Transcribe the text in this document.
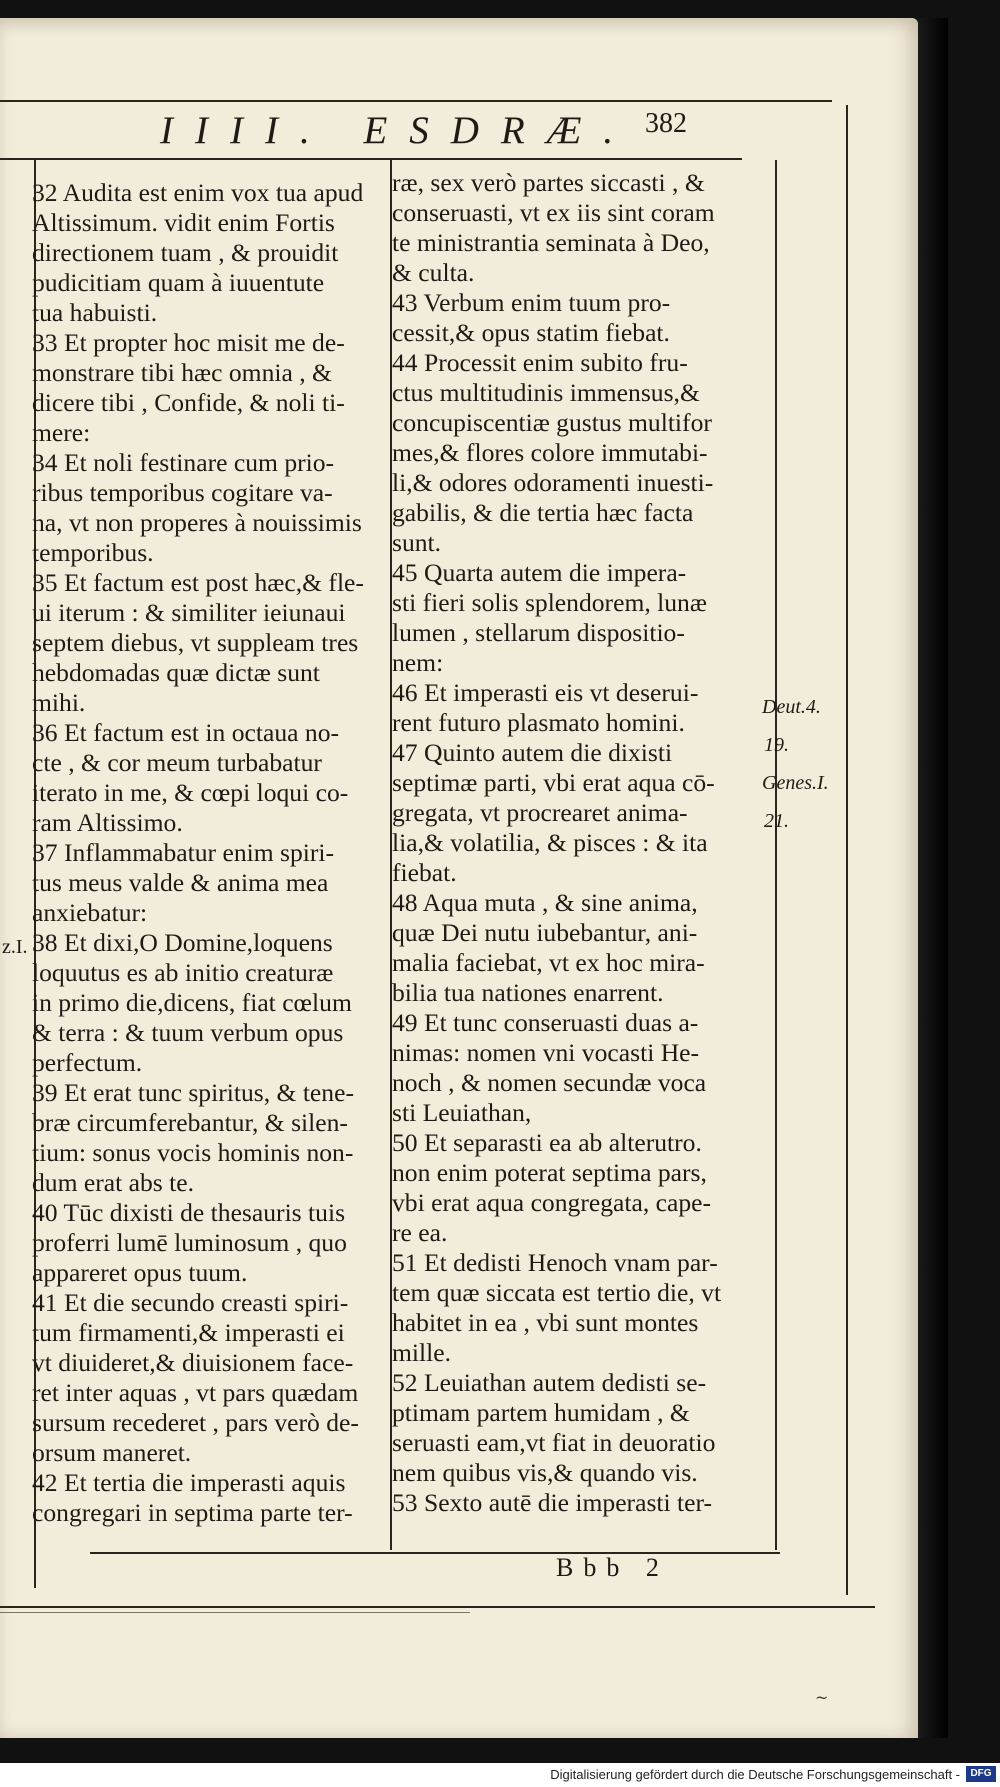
IIII. ESDRÆ. 382
z.I.
Deut.4.
19.
Genes.I.
21.
32 Audita est enim vox tua apud
Altissimum. vidit enim Fortis
directionem tuam , & prouidit
pudicitiam quam à iuuentute
tua habuisti.
33 Et propter hoc misit me de-
monstrare tibi hæc omnia , &
dicere tibi , Confide, & noli ti-
mere:
34 Et noli festinare cum prio-
ribus temporibus cogitare va-
na, vt non properes à nouissimis
temporibus.
35 Et factum est post hæc,& fle-
ui iterum : & similiter ieiunaui
septem diebus, vt suppleam tres
hebdomadas quæ dictæ sunt
mihi.
36 Et factum est in octaua no-
cte , & cor meum turbabatur
iterato in me, & cœpi loqui co-
ram Altissimo.
37 Inflammabatur enim spiri-
tus meus valde & anima mea
anxiebatur:
38 Et dixi,O Domine,loquens
loquutus es ab initio creaturæ
in primo die,dicens, fiat cœlum
& terra : & tuum verbum opus
perfectum.
39 Et erat tunc spiritus, & tene-
bræ circumferebantur, & silen-
tium: sonus vocis hominis non-
dum erat abs te.
40 Tūc dixisti de thesauris tuis
proferri lumē luminosum , quo
appareret opus tuum.
41 Et die secundo creasti spiri-
tum firmamenti,& imperasti ei
vt diuideret,& diuisionem face-
ret inter aquas , vt pars quædam
sursum recederet , pars verò de-
orsum maneret.
42 Et tertia die imperasti aquis
congregari in septima parte ter-
ræ, sex verò partes siccasti , &
conseruasti, vt ex iis sint coram
te ministrantia seminata à Deo,
& culta.
43 Verbum enim tuum pro-
cessit,& opus statim fiebat.
44 Processit enim subito fru-
ctus multitudinis immensus,&
concupiscentiæ gustus multifor
mes,& flores colore immutabi-
li,& odores odoramenti inuesti-
gabilis, & die tertia hæc facta
sunt.
45 Quarta autem die impera-
sti fieri solis splendorem, lunæ
lumen , stellarum dispositio-
nem:
46 Et imperasti eis vt deserui-
rent futuro plasmato homini.
47 Quinto autem die dixisti
septimæ parti, vbi erat aqua cō-
gregata, vt procrearet anima-
lia,& volatilia, & pisces : & ita
fiebat.
48 Aqua muta , & sine anima,
quæ Dei nutu iubebantur, ani-
malia faciebat, vt ex hoc mira-
bilia tua nationes enarrent.
49 Et tunc conseruasti duas a-
nimas: nomen vni vocasti He-
noch , & nomen secundæ voca
sti Leuiathan,
50 Et separasti ea ab alterutro.
non enim poterat septima pars,
vbi erat aqua congregata, cape-
re ea.
51 Et dedisti Henoch vnam par-
tem quæ siccata est tertio die, vt
habitet in ea , vbi sunt montes
mille.
52 Leuiathan autem dedisti se-
ptimam partem humidam , &
seruasti eam,vt fiat in deuoratio
nem quibus vis,& quando vis.
53 Sexto autē die imperasti ter-
Bbb 2
~
Digitalisierung gefördert durch die Deutsche Forschungsgemeinschaft -	DFG
